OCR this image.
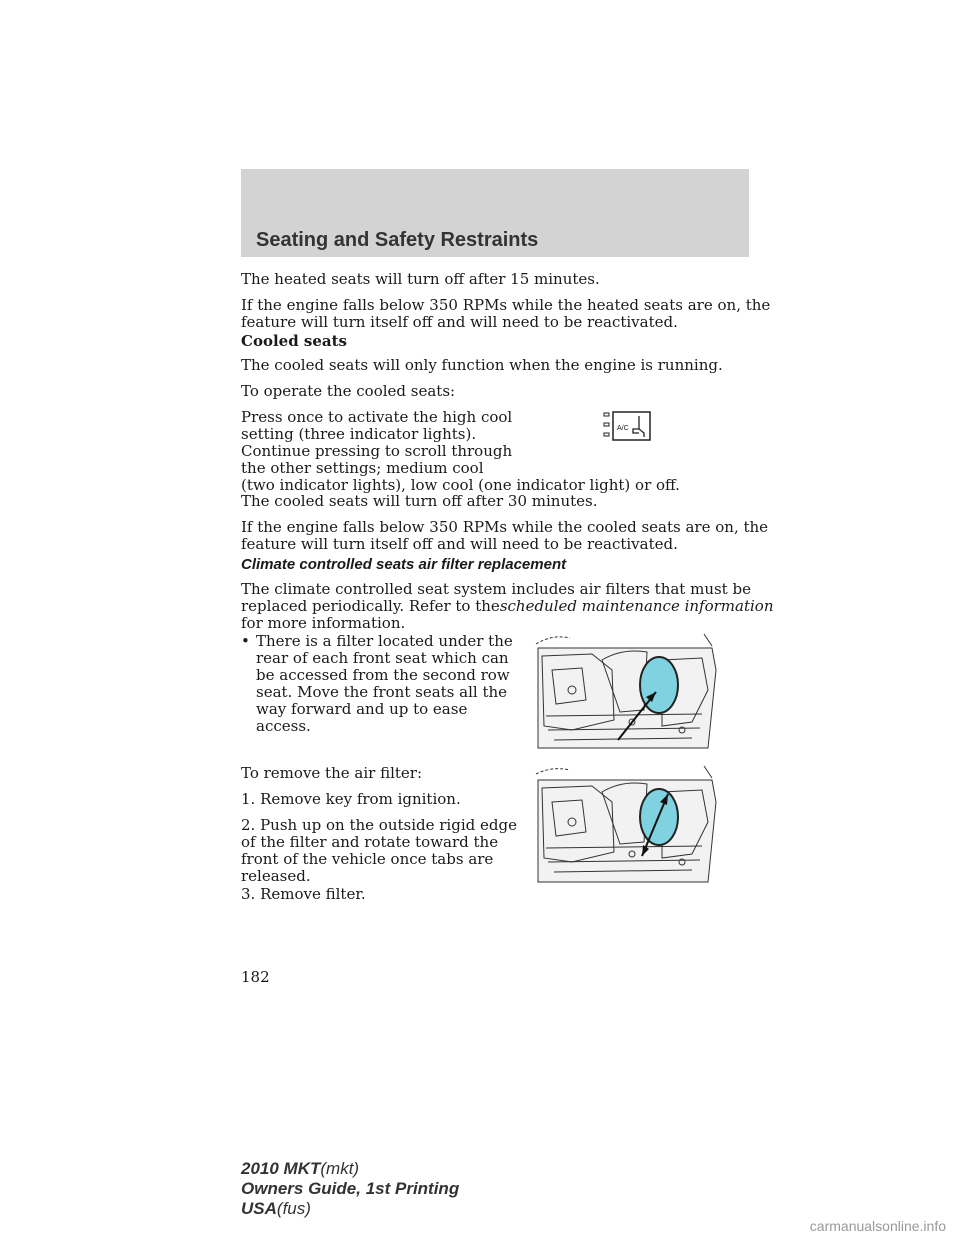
Seating and Safety Restraints

The heated seats will turn off after 15 minutes.

If the engine falls below 350 RPMs while the heated seats are on, the

feature will turn itself off and will need to be reactivated.

Cooled seats

The cooled seats will only function when the engine is running.

To operate the cooled seats:

Press once to activate the high cool

setting (three indicator lights).

Continue pressing to scroll through

the other settings; medium cool

(two indicator lights), low cool (one indicator light) or off.

A/C

The cooled seats will turn off after 30 minutes.

If the engine falls below 350 RPMs while the cooled seats are on, the

feature will turn itself off and will need to be reactivated.

Climate controlled seats air filter replacement

The climate controlled seat system includes air filters that must be

replaced periodically. Refer to thescheduled maintenance information

for more information.

• There is a filter located under the

rear of each front seat which can

be accessed from the second row

seat. Move the front seats all the

way forward and up to ease

access.

To remove the air filter:

1. Remove key from ignition.

2. Push up on the outside rigid edge

of the filter and rotate toward the

front of the vehicle once tabs are

released.

3. Remove filter.

182
2010 MKT(mkt)
Owners Guide, 1st Printing
USA(fus)
carmanualsonline.info
